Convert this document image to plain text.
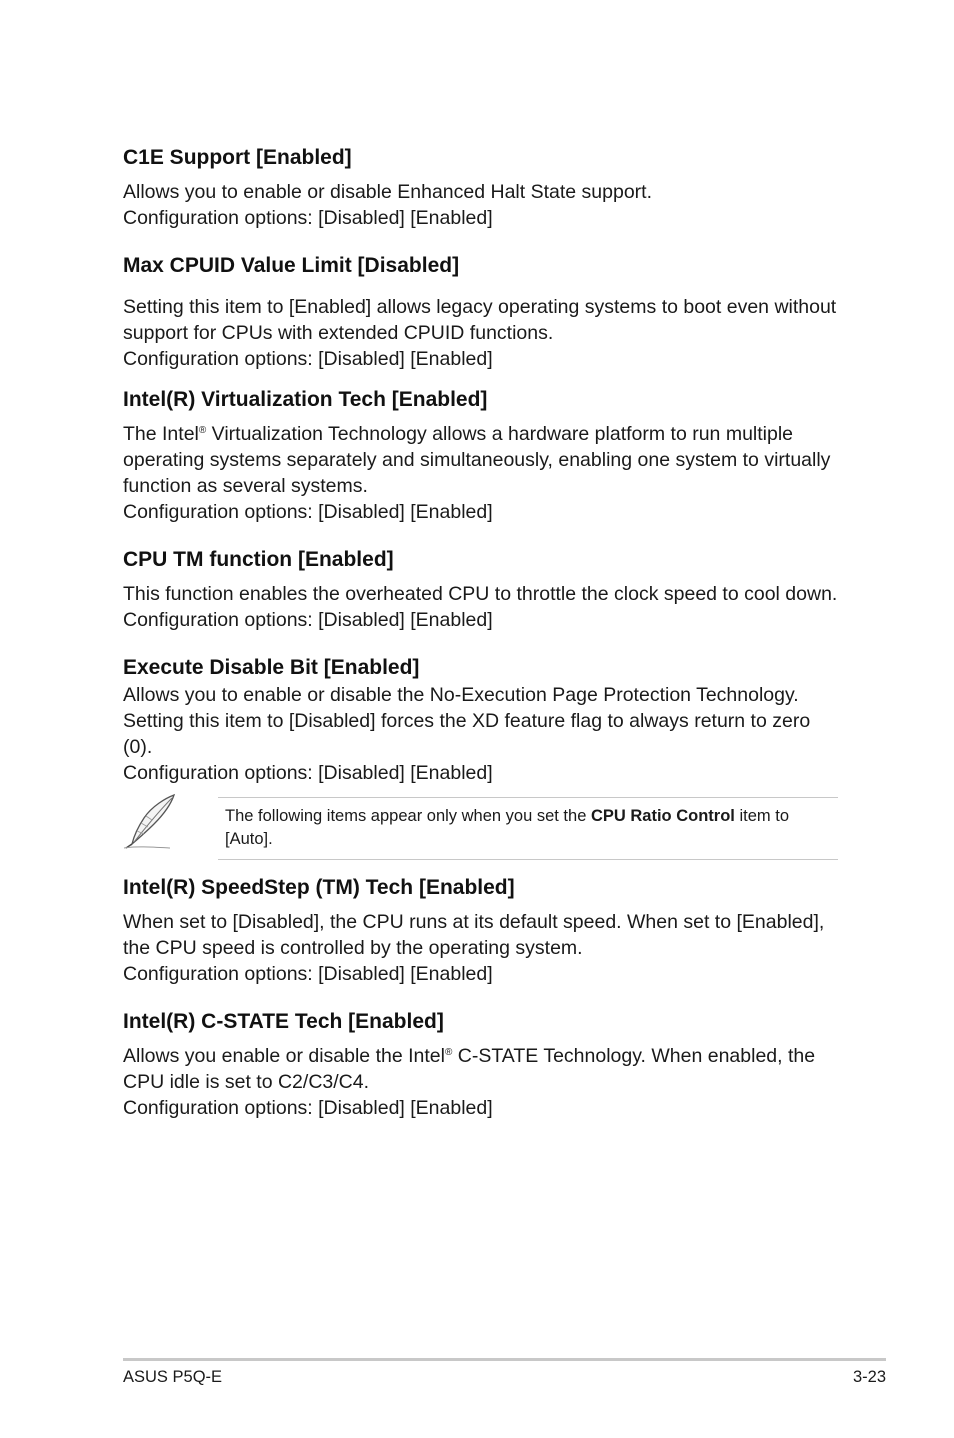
C1E Support [Enabled]

Allows you to enable or disable Enhanced Halt State support.
Configuration options: [Disabled] [Enabled]

Max CPUID Value Limit [Disabled]

Setting this item to [Enabled] allows legacy operating systems to boot even without
support for CPUs with extended CPUID functions.
Configuration options: [Disabled] [Enabled]

Intel(R) Virtualization Tech [Enabled]

The Intel® Virtualization Technology allows a hardware platform to run multiple
operating systems separately and simultaneously, enabling one system to virtually
function as several systems.
Configuration options: [Disabled] [Enabled]

CPU TM function [Enabled]

This function enables the overheated CPU to throttle the clock speed to cool down.
Configuration options: [Disabled] [Enabled]

Execute Disable Bit [Enabled]

Allows you to enable or disable the No-Execution Page Protection Technology.
Setting this item to [Disabled] forces the XD feature flag to always return to zero
(0).
Configuration options: [Disabled] [Enabled]

The following items appear only when you set the CPU Ratio Control item to
[Auto].
Intel(R) SpeedStep (TM) Tech [Enabled]

When set to [Disabled], the CPU runs at its default speed. When set to [Enabled],
the CPU speed is controlled by the operating system.
Configuration options: [Disabled] [Enabled]

Intel(R) C-STATE Tech [Enabled]

Allows you enable or disable the Intel® C-STATE Technology. When enabled, the
CPU idle is set to C2/C3/C4.
Configuration options: [Disabled] [Enabled]

ASUS P5Q-E	3-23
